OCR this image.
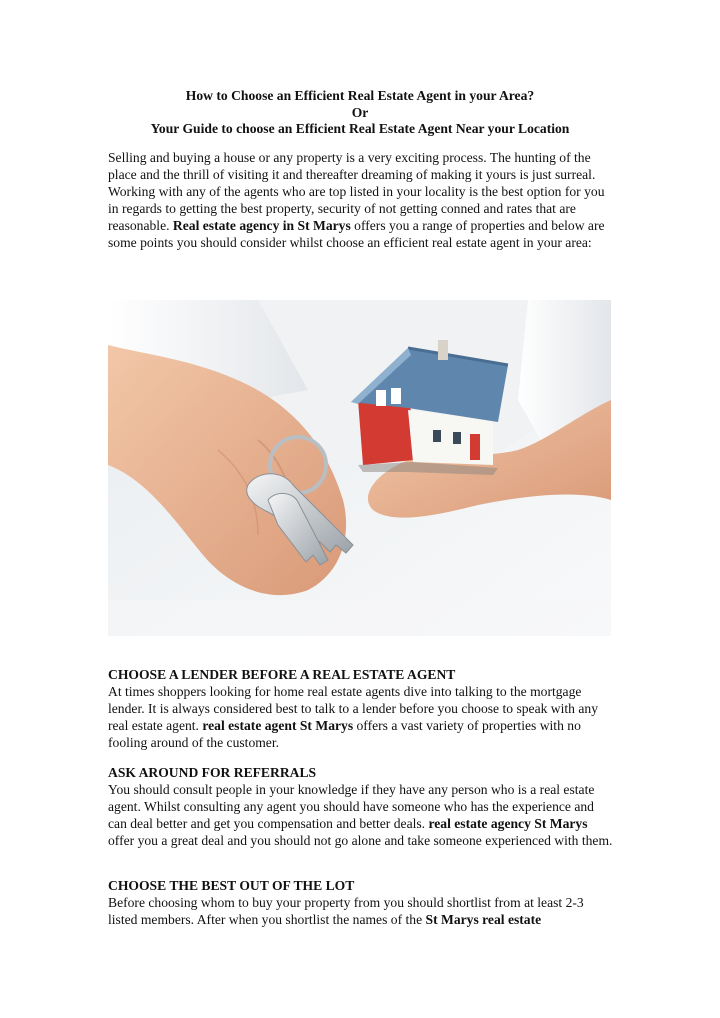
How to Choose an Efficient Real Estate Agent in your Area?
Or
Your Guide to choose an Efficient Real Estate Agent Near your Location

Selling and buying a house or any property is a very exciting process. The hunting of the place and the thrill of visiting it and thereafter dreaming of making it yours is just surreal. Working with any of the agents who are top listed in your locality is the best option for you in regards to getting the best property, security of not getting conned and rates that are reasonable. Real estate agency in St Marys offers you a range of properties and below are some points you should consider whilst choose an efficient real estate agent in your area:

CHOOSE A LENDER BEFORE A REAL ESTATE AGENT

At times shoppers looking for home real estate agents dive into talking to the mortgage lender. It is always considered best to talk to a lender before you choose to speak with any real estate agent. real estate agent St Marys offers a vast variety of properties with no fooling around of the customer.

ASK AROUND FOR REFERRALS

You should consult people in your knowledge if they have any person who is a real estate agent. Whilst consulting any agent you should have someone who has the experience and can deal better and get you compensation and better deals. real estate agency St Marys offer you a great deal and you should not go alone and take someone experienced with them.

CHOOSE THE BEST OUT OF THE LOT

Before choosing whom to buy your property from you should shortlist from at least 2-3 listed members. After when you shortlist the names of the St Marys real estate
